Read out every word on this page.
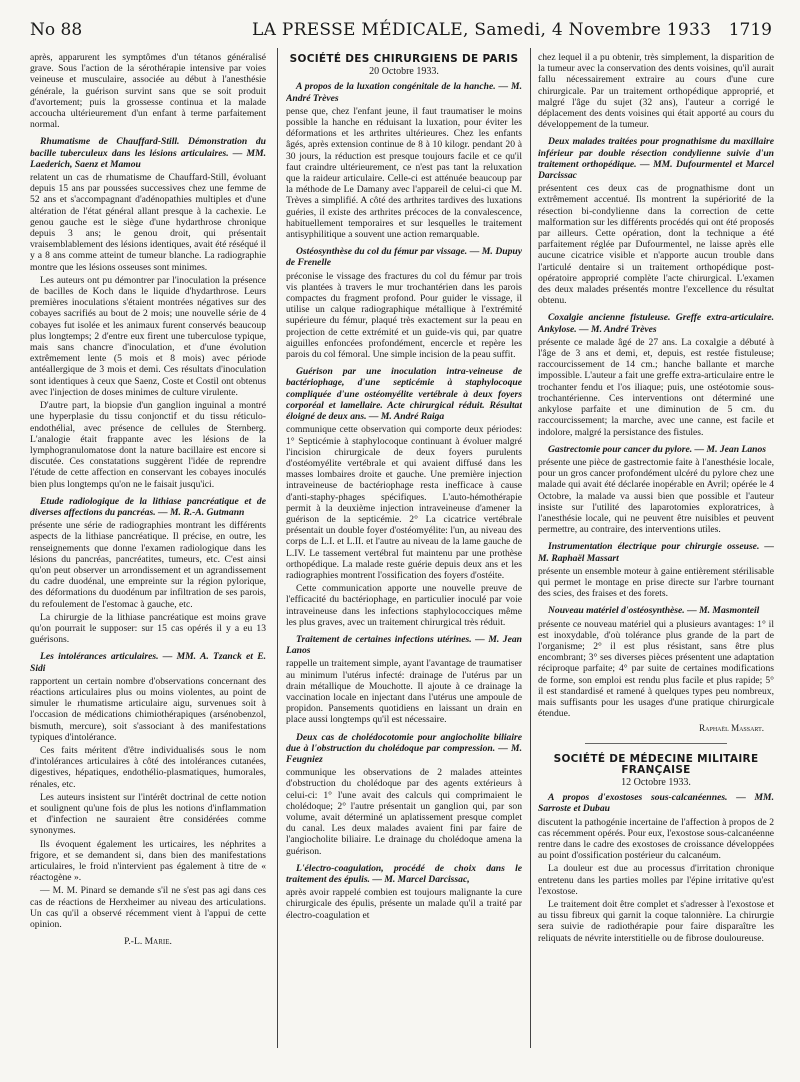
No 88	LA PRESSE MÉDICALE, Samedi, 4 Novembre 1933 1719

après, apparurent les symptômes d'un tétanos généralisé grave. Sous l'action de la sérothérapie intensive par voies veineuse et musculaire, associée au début à l'anesthésie générale, la guérison survint sans que se soit produit d'avortement; puis la grossesse continua et la malade accoucha ultérieurement d'un enfant à terme parfaitement normal.

Rhumatisme de Chauffard-Still. Démonstration du bacille tuberculeux dans les lésions articulaires. — MM. Laederich, Saenz et Mamou

relatent un cas de rhumatisme de Chauffard-Still, évoluant depuis 15 ans par poussées successives chez une femme de 52 ans et s'accompagnant d'adénopathies multiples et d'une altération de l'état général allant presque à la cachexie. Le genou gauche est le siège d'une hydarthrose chronique depuis 3 ans; le genou droit, qui présentait vraisemblablement des lésions identiques, avait été réséqué il y a 8 ans comme atteint de tumeur blanche. La radiographie montre que les lésions osseuses sont minimes.

Les auteurs ont pu démontrer par l'inoculation la présence de bacilles de Koch dans le liquide d'hydarthrose. Leurs premières inoculations s'étaient montrées négatives sur des cobayes sacrifiés au bout de 2 mois; une nouvelle série de 4 cobayes fut isolée et les animaux furent conservés beaucoup plus longtemps; 2 d'entre eux firent une tuberculose typique, mais sans chancre d'inoculation, et d'une évolution extrêmement lente (5 mois et 8 mois) avec période antéallergique de 3 mois et demi. Ces résultats d'inoculation sont identiques à ceux que Saenz, Coste et Costil ont obtenus avec l'injection de doses minimes de culture virulente.

D'autre part, la biopsie d'un ganglion inguinal a montré une hyperplasie du tissu conjonctif et du tissu réticulo-endothélial, avec présence de cellules de Sternberg. L'analogie était frappante avec les lésions de la lymphogranulomatose dont la nature bacillaire est encore si discutée. Ces constatations suggèrent l'idée de reprendre l'étude de cette affection en conservant les cobayes inoculés bien plus longtemps qu'on ne le faisait jusqu'ici.

Etude radiologique de la lithiase pancréatique et de diverses affections du pancréas. — M. R.-A. Gutmann

présente une série de radiographies montrant les différents aspects de la lithiase pancréatique. Il précise, en outre, les renseignements que donne l'examen radiologique dans les lésions du pancréas, pancréatites, tumeurs, etc. C'est ainsi qu'on peut observer un arrondissement et un agrandissement du cadre duodénal, une empreinte sur la région pylorique, des déformations du duodénum par infiltration de ses parois, du refoulement de l'estomac à gauche, etc.

La chirurgie de la lithiase pancréatique est moins grave qu'on pourrait le supposer: sur 15 cas opérés il y a eu 13 guérisons.

Les intolérances articulaires. — MM. A. Tzanck et E. Sidi

rapportent un certain nombre d'observations concernant des réactions articulaires plus ou moins violentes, au point de simuler le rhumatisme articulaire aigu, survenues soit à l'occasion de médications chimiothérapiques (arsénobenzol, bismuth, mercure), soit s'associant à des manifestations typiques d'intolérance.

Ces faits méritent d'être individualisés sous le nom d'intolérances articulaires à côté des intolérances cutanées, digestives, hépatiques, endothélio-plasmatiques, humorales, rénales, etc.

Les auteurs insistent sur l'intérêt doctrinal de cette notion et soulignent qu'une fois de plus les notions d'inflammation et d'infection ne sauraient être considérées comme synonymes.

Ils évoquent également les urticaires, les néphrites a frigore, et se demandent si, dans bien des manifestations articulaires, le froid n'intervient pas également à titre de « réactogène ».

— M. M. Pinard se demande s'il ne s'est pas agi dans ces cas de réactions de Herxheimer au niveau des articulations. Un cas qu'il a observé récemment vient à l'appui de cette opinion.

P.-L. Marie.

SOCIÉTÉ DES CHIRURGIENS DE PARIS

20 Octobre 1933.

A propos de la luxation congénitale de la hanche. — M. André Trèves

pense que, chez l'enfant jeune, il faut traumatiser le moins possible la hanche en réduisant la luxation, pour éviter les déformations et les arthrites ultérieures. Chez les enfants âgés, après extension continue de 8 à 10 kilogr. pendant 20 à 30 jours, la réduction est presque toujours facile et ce qu'il faut craindre ultérieurement, ce n'est pas tant la reluxation que la raideur articulaire. Celle-ci est atténuée beaucoup par la méthode de Le Damany avec l'appareil de celui-ci que M. Trèves a simplifié. A côté des arthrites tardives des luxations guéries, il existe des arthrites précoces de la convalescence, habituellement temporaires et sur lesquelles le traitement antisyphilitique a souvent une action remarquable.

Ostéosynthèse du col du fémur par vissage. — M. Dupuy de Frenelle

préconise le vissage des fractures du col du fémur par trois vis plantées à travers le mur trochantérien dans les parois compactes du fragment profond. Pour guider le vissage, il utilise un calque radiographique métallique à l'extrémité supérieure du fémur, plaqué très exactement sur la peau en projection de cette extrémité et un guide-vis qui, par quatre aiguilles enfoncées profondément, encercle et repère les parois du col fémoral. Une simple incision de la peau suffit.

Guérison par une inoculation intra-veineuse de bactériophage, d'une septicémie à staphylocoque compliquée d'une ostéomyélite vertébrale à deux foyers corporéal et lamellaire. Acte chirurgical réduit. Résultat éloigné de deux ans. — M. André Raiga

communique cette observation qui comporte deux périodes: 1° Septicémie à staphylocoque continuant à évoluer malgré l'incision chirurgicale de deux foyers purulents d'ostéomyélite vertébrale et qui avaient diffusé dans les masses lombaires droite et gauche. Une première injection intraveineuse de bactériophage resta inefficace à cause d'anti-staphy-phages spécifiques. L'auto-hémothérapie permit à la deuxième injection intraveineuse d'amener la guérison de la septicémie. 2° La cicatrice vertébrale présentait un double foyer d'ostéomyélite: l'un, au niveau des corps de L.I. et L.II. et l'autre au niveau de la lame gauche de L.IV. Le tassement vertébral fut maintenu par une prothèse orthopédique. La malade reste guérie depuis deux ans et les radiographies montrent l'ossification des foyers d'ostéite.

Cette communication apporte une nouvelle preuve de l'efficacité du bactériophage, en particulier inoculé par voie intraveineuse dans les infections staphylococciques même les plus graves, avec un traitement chirurgical très réduit.

Traitement de certaines infections utérines. — M. Jean Lanos

rappelle un traitement simple, ayant l'avantage de traumatiser au minimum l'utérus infecté: drainage de l'utérus par un drain métallique de Mouchotte. Il ajoute à ce drainage la vaccination locale en injectant dans l'utérus une ampoule de propidon. Pansements quotidiens en laissant un drain en place aussi longtemps qu'il est nécessaire.

Deux cas de cholédocotomie pour angiocholite biliaire due à l'obstruction du cholédoque par compression. — M. Feugniez

communique les observations de 2 malades atteintes d'obstruction du cholédoque par des agents extérieurs à celui-ci: 1° l'une avait des calculs qui comprimaient le cholédoque; 2° l'autre présentait un ganglion qui, par son volume, avait déterminé un aplatissement presque complet du canal. Les deux malades avaient fini par faire de l'angiocholite biliaire. Le drainage du cholédoque amena la guérison.

L'électro-coagulation, procédé de choix dans le traitement des épulis. — M. Marcel Darcissac,

après avoir rappelé combien est toujours malignante la cure chirurgicale des épulis, présente un malade qu'il a traité par électro-coagulation et

chez lequel il a pu obtenir, très simplement, la disparition de la tumeur avec la conservation des dents voisines, qu'il aurait fallu nécessairement extraire au cours d'une cure chirurgicale. Par un traitement orthopédique approprié, et malgré l'âge du sujet (32 ans), l'auteur a corrigé le déplacement des dents voisines qui était apporté au cours du développement de la tumeur.

Deux malades traitées pour prognathisme du maxillaire inférieur par double résection condylienne suivie d'un traitement orthopédique. — MM. Dufourmentel et Marcel Darcissac

présentent ces deux cas de prognathisme dont un extrêmement accentué. Ils montrent la supériorité de la résection bi-condylienne dans la correction de cette malformation sur les différents procédés qui ont été proposés par ailleurs. Cette opération, dont la technique a été parfaitement réglée par Dufourmentel, ne laisse après elle aucune cicatrice visible et n'apporte aucun trouble dans l'articulé dentaire si un traitement orthopédique post-opératoire approprié complète l'acte chirurgical. L'examen des deux malades présentés montre l'excellence du résultat obtenu.

Coxalgie ancienne fistuleuse. Greffe extra-articulaire. Ankylose. — M. André Trèves

présente ce malade âgé de 27 ans. La coxalgie a débuté à l'âge de 3 ans et demi, et, depuis, est restée fistuleuse; raccourcissement de 14 cm.; hanche ballante et marche impossible. L'auteur a fait une greffe extra-articulaire entre le trochanter fendu et l'os iliaque; puis, une ostéotomie sous-trochantérienne. Ces interventions ont déterminé une ankylose parfaite et une diminution de 5 cm. du raccourcissement; la marche, avec une canne, est facile et indolore, malgré la persistance des fistules.

Gastrectomie pour cancer du pylore. — M. Jean Lanos

présente une pièce de gastrectomie faite à l'anesthésie locale, pour un gros cancer profondément ulcéré du pylore chez une malade qui avait été déclarée inopérable en Avril; opérée le 4 Octobre, la malade va aussi bien que possible et l'auteur insiste sur l'utilité des laparotomies exploratrices, à l'anesthésie locale, qui ne peuvent être nuisibles et peuvent permettre, au contraire, des interventions utiles.

Instrumentation électrique pour chirurgie osseuse. — M. Raphaël Massart

présente un ensemble moteur à gaine entièrement stérilisable qui permet le montage en prise directe sur l'arbre tournant des scies, des fraises et des forets.

Nouveau matériel d'ostéosynthèse. — M. Masmonteil

présente ce nouveau matériel qui a plusieurs avantages: 1° il est inoxydable, d'où tolérance plus grande de la part de l'organisme; 2° il est plus résistant, sans être plus encombrant; 3° ses diverses pièces présentent une adaptation réciproque parfaite; 4° par suite de certaines modifications de forme, son emploi est rendu plus facile et plus rapide; 5° il est standardisé et ramené à quelques types peu nombreux, mais suffisants pour les usages d'une pratique chirurgicale étendue.

Raphaël Massart.

SOCIÉTÉ DE MÉDECINE MILITAIRE FRANÇAISE

12 Octobre 1933.

A propos d'exostoses sous-calcanéennes. — MM. Sarroste et Dubau

discutent la pathogénie incertaine de l'affection à propos de 2 cas récemment opérés. Pour eux, l'exostose sous-calcanéenne rentre dans le cadre des exostoses de croissance développées au point d'ossification postérieur du calcanéum.

La douleur est due au processus d'irritation chronique entretenu dans les parties molles par l'épine irritative qu'est l'exostose.

Le traitement doit être complet et s'adresser à l'exostose et au tissu fibreux qui garnit la coque talonnière. La chirurgie sera suivie de radiothérapie pour faire disparaître les reliquats de névrite interstitielle ou de fibrose douloureuse.
